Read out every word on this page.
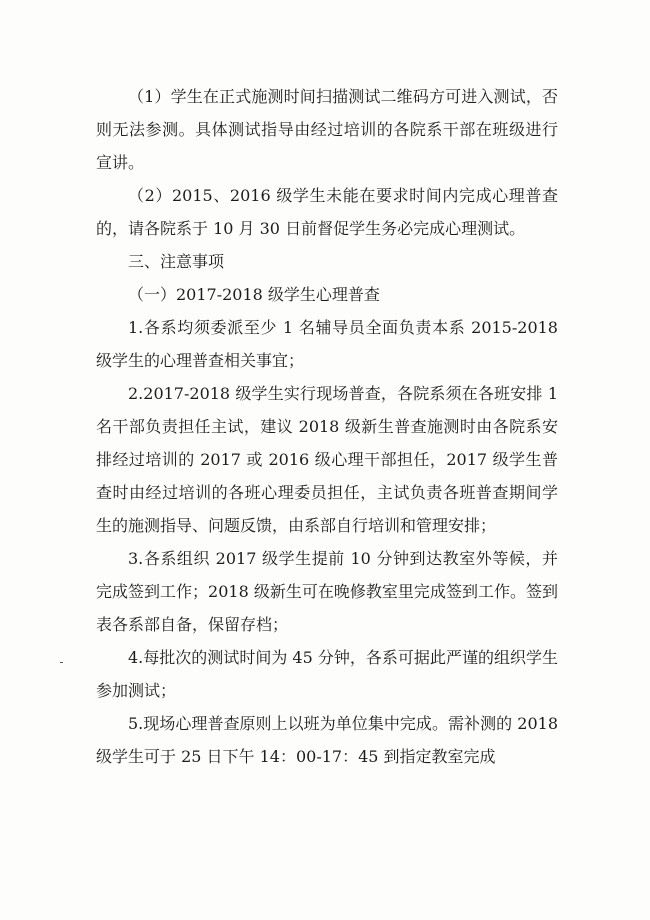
（1）学生在正式施测时间扫描测试二维码方可进入测试，否则无法参测。具体测试指导由经过培训的各院系干部在班级进行宣讲。

（2）2015、2016 级学生未能在要求时间内完成心理普查的，请各院系于 10 月 30 日前督促学生务必完成心理测试。

三、注意事项

（一）2017-2018 级学生心理普查

1.各系均须委派至少 1 名辅导员全面负责本系 2015-2018 级学生的心理普查相关事宜；

2.2017-2018 级学生实行现场普查，各院系须在各班安排 1 名干部负责担任主试，建议 2018 级新生普查施测时由各院系安排经过培训的 2017 或 2016 级心理干部担任，2017 级学生普查时由经过培训的各班心理委员担任，主试负责各班普查期间学生的施测指导、问题反馈，由系部自行培训和管理安排；

3.各系组织 2017 级学生提前 10 分钟到达教室外等候，并完成签到工作；2018 级新生可在晚修教室里完成签到工作。签到表各系部自备，保留存档；

4.每批次的测试时间为 45 分钟，各系可据此严谨的组织学生参加测试；

5.现场心理普查原则上以班为单位集中完成。需补测的 2018 级学生可于 25 日下午 14：00-17：45 到指定教室完成
